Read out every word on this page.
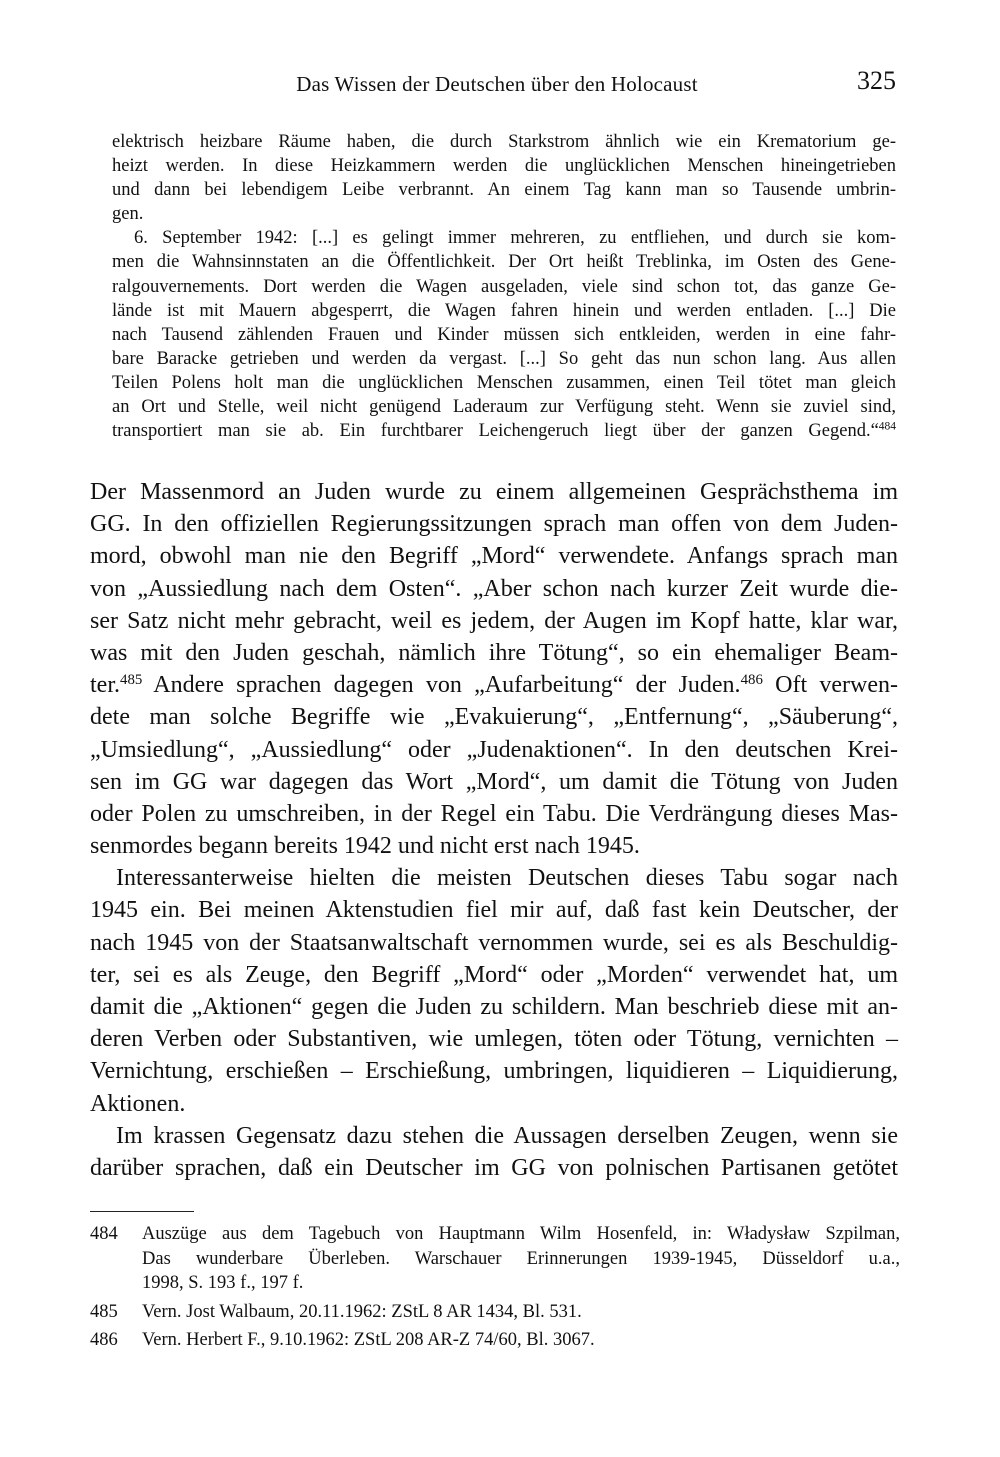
Das Wissen der Deutschen über den Holocaust	325
elektrisch heizbare Räume haben, die durch Starkstrom ähnlich wie ein Krematorium ge-
heizt werden. In diese Heizkammern werden die unglücklichen Menschen hineingetrieben
und dann bei lebendigem Leibe verbrannt. An einem Tag kann man so Tausende umbrin-
gen.
6. September 1942: [...] es gelingt immer mehreren, zu entfliehen, und durch sie kom-
men die Wahnsinnstaten an die Öffentlichkeit. Der Ort heißt Treblinka, im Osten des Gene-
ralgouvernements. Dort werden die Wagen ausgeladen, viele sind schon tot, das ganze Ge-
lände ist mit Mauern abgesperrt, die Wagen fahren hinein und werden entladen. [...] Die
nach Tausend zählenden Frauen und Kinder müssen sich entkleiden, werden in eine fahr-
bare Baracke getrieben und werden da vergast. [...] So geht das nun schon lang. Aus allen
Teilen Polens holt man die unglücklichen Menschen zusammen, einen Teil tötet man gleich
an Ort und Stelle, weil nicht genügend Laderaum zur Verfügung steht. Wenn sie zuviel sind,
transportiert man sie ab. Ein furchtbarer Leichengeruch liegt über der ganzen Gegend.“$^{484}$
Der Massenmord an Juden wurde zu einem allgemeinen Gesprächsthema im
GG. In den offiziellen Regierungssitzungen sprach man offen von dem Juden-
mord, obwohl man nie den Begriff „Mord“ verwendete. Anfangs sprach man
von „Aussiedlung nach dem Osten“. „Aber schon nach kurzer Zeit wurde die-
ser Satz nicht mehr gebracht, weil es jedem, der Augen im Kopf hatte, klar war,
was mit den Juden geschah, nämlich ihre Tötung“, so ein ehemaliger Beam-
ter.$^{485}$ Andere sprachen dagegen von „Aufarbeitung“ der Juden.$^{486}$ Oft verwen-
dete man solche Begriffe wie „Evakuierung“, „Entfernung“, „Säuberung“,
„Umsiedlung“, „Aussiedlung“ oder „Judenaktionen“. In den deutschen Krei-
sen im GG war dagegen das Wort „Mord“, um damit die Tötung von Juden
oder Polen zu umschreiben, in der Regel ein Tabu. Die Verdrängung dieses Mas-
senmordes begann bereits 1942 und nicht erst nach 1945.
Interessanterweise hielten die meisten Deutschen dieses Tabu sogar nach
1945 ein. Bei meinen Aktenstudien fiel mir auf, daß fast kein Deutscher, der
nach 1945 von der Staatsanwaltschaft vernommen wurde, sei es als Beschuldig-
ter, sei es als Zeuge, den Begriff „Mord“ oder „Morden“ verwendet hat, um
damit die „Aktionen“ gegen die Juden zu schildern. Man beschrieb diese mit an-
deren Verben oder Substantiven, wie umlegen, töten oder Tötung, vernichten –
Vernichtung, erschießen – Erschießung, umbringen, liquidieren – Liquidierung,
Aktionen.
Im krassen Gegensatz dazu stehen die Aussagen derselben Zeugen, wenn sie
darüber sprachen, daß ein Deutscher im GG von polnischen Partisanen getötet
484	Auszüge aus dem Tagebuch von Hauptmann Wilm Hosenfeld, in: Władysław Szpilman,
Das wunderbare Überleben. Warschauer Erinnerungen 1939-1945, Düsseldorf u.a.,
1998, S. 193 f., 197 f.
485	Vern. Jost Walbaum, 20.11.1962: ZStL 8 AR 1434, Bl. 531.
486	Vern. Herbert F., 9.10.1962: ZStL 208 AR-Z 74/60, Bl. 3067.
